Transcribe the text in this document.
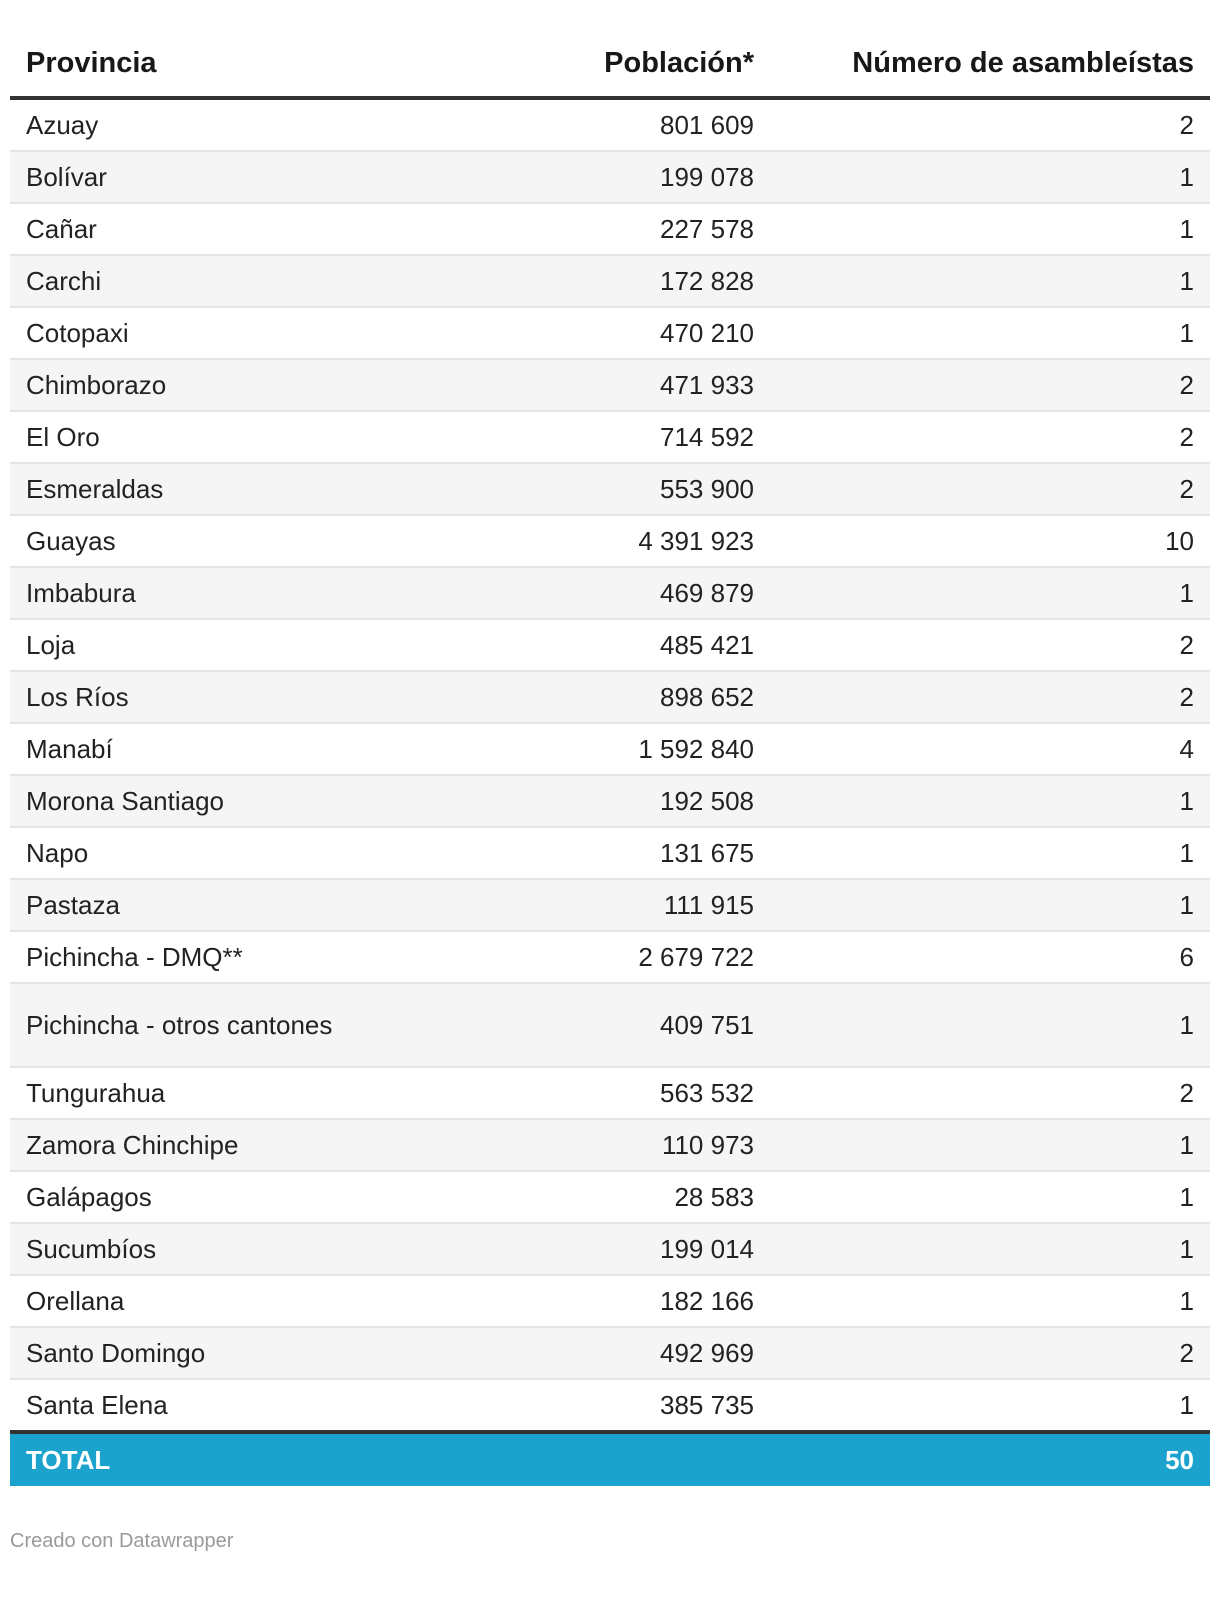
Provincia	Población*	Número de asambleístas
Azuay	801 609	2
Bolívar	199 078	1
Cañar	227 578	1
Carchi	172 828	1
Cotopaxi	470 210	1
Chimborazo	471 933	2
El Oro	714 592	2
Esmeraldas	553 900	2
Guayas	4 391 923	10
Imbabura	469 879	1
Loja	485 421	2
Los Ríos	898 652	2
Manabí	1 592 840	4
Morona Santiago	192 508	1
Napo	131 675	1
Pastaza	111 915	1
Pichincha - DMQ**	2 679 722	6
Pichincha - otros cantones	409 751	1
Tungurahua	563 532	2
Zamora Chinchipe	110 973	1
Galápagos	28 583	1
Sucumbíos	199 014	1
Orellana	182 166	1
Santo Domingo	492 969	2
Santa Elena	385 735	1
TOTAL		50
Creado con Datawrapper
